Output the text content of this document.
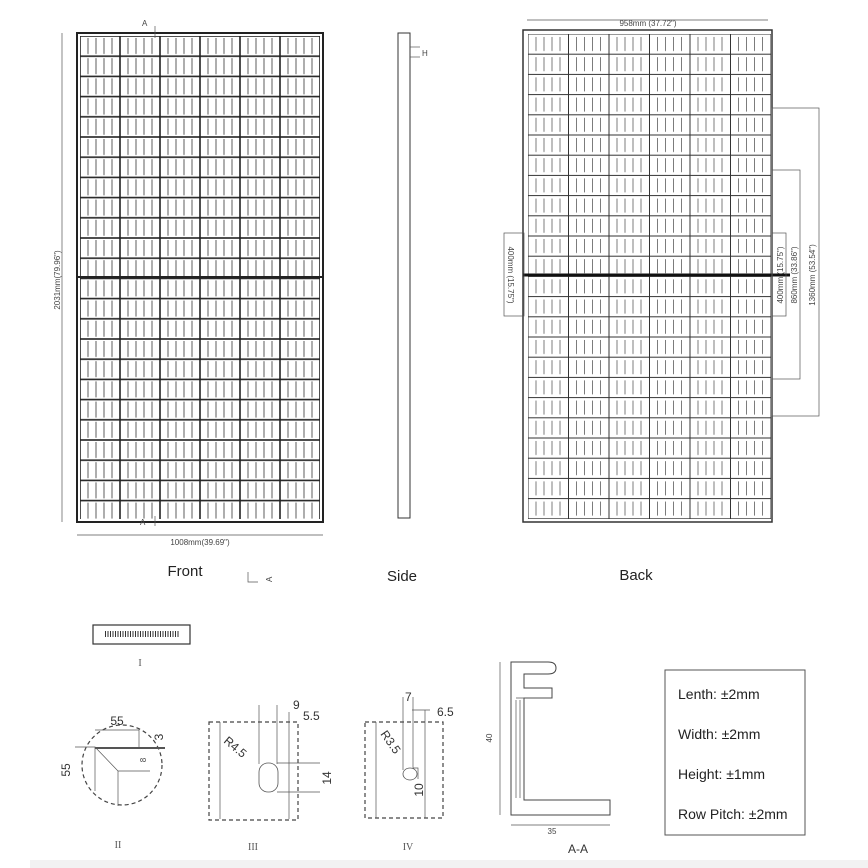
1008mm(39.69")
2031mm(79.96")
A
A
Front	A
H
Side
958mm (37.72")
400mm (15.75")	400mm (15.75") 860mm (33.86") 1360mm (53.54")
Back
I
55
55
3
8
II
9
5.5
R4.5
14
III
7
6.5
R3.5
10
IV
40
35
A-A
Lenth: ±2mm
Width: ±2mm
Height: ±1mm
Row Pitch: ±2mm
